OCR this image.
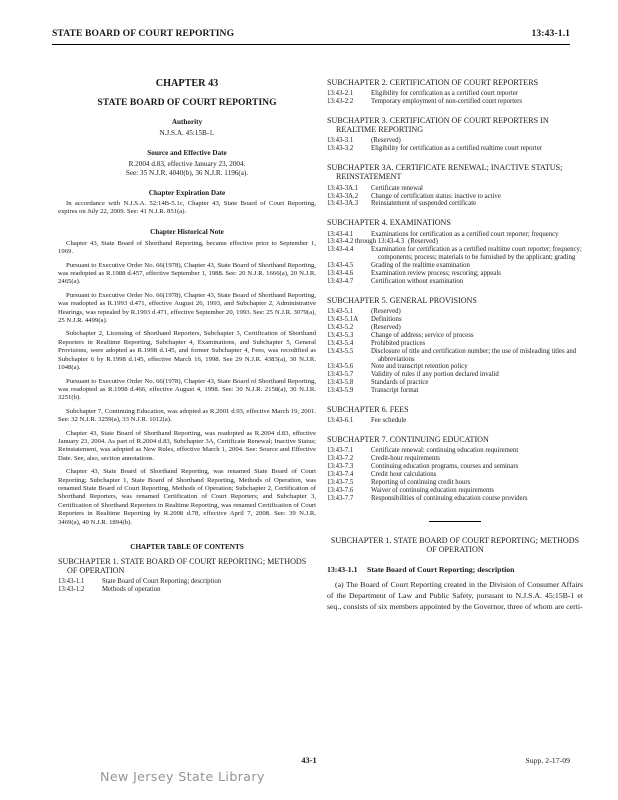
STATE BOARD OF COURT REPORTING	13:43-1.1
CHAPTER 43
STATE BOARD OF COURT REPORTING
Authority
N.J.S.A. 45:15B-1.
Source and Effective Date
R.2004 d.83, effective January 23, 2004.
See: 35 N.J.R. 4040(b), 36 N.J.R. 1196(a).
Chapter Expiration Date

In accordance with N.J.S.A. 52:14B-5.1c, Chapter 43, State Board of Court Reporting, expires on July 22, 2009. See: 41 N.J.R. 851(a).

Chapter Historical Note

Chapter 43, State Board of Shorthand Reporting, became effective prior to September 1, 1969.

Pursuant to Executive Order No. 66(1978), Chapter 43, State Board of Shorthand Reporting, was readopted as R.1988 d.457, effective September 1, 1988. See: 20 N.J.R. 1666(a), 20 N.J.R. 2465(a).

Pursuant to Executive Order No. 66(1978), Chapter 43, State Board of Shorthand Reporting, was readopted as R.1993 d.471, effective August 26, 1993, and Subchapter 2, Administrative Hearings, was repealed by R.1993 d.471, effective September 20, 1993. See: 25 N.J.R. 3079(a), 25 N.J.R. 4499(a).

Subchapter 2, Licensing of Shorthand Reporters, Subchapter 3, Certification of Shorthand Reporters in Realtime Reporting, Subchapter 4, Examinations, and Subchapter 5, General Provisions, were adopted as R.1998 d.145, and former Subchapter 4, Fees, was recodified as Subchapter 6 by R.1998 d.145, effective March 16, 1998. See 29 N.J.R. 4383(a), 30 N.J.R. 1048(a).

Pursuant to Executive Order No. 66(1978), Chapter 43, State Board of Shorthand Reporting, was readopted as R.1998 d.466, effective August 4, 1998. See: 30 N.J.R. 2158(a), 30 N.J.R. 3251(b).

Subchapter 7, Continuing Education, was adopted as R.2001 d.93, effective March 19, 2001. See: 32 N.J.R. 3259(a), 33 N.J.R. 1012(a).

Chapter 43, State Board of Shorthand Reporting, was readopted as R.2004 d.83, effective January 23, 2004. As part of R.2004 d.83, Subchapter 3A, Certificate Renewal; Inactive Status; Reinstatement, was adopted as New Rules, effective March 1, 2004. See: Source and Effective Date. See, also, section annotations.

Chapter 43, State Board of Shorthand Reporting, was renamed State Board of Court Reporting; Subchapter 1, State Board of Shorthand Reporting, Methods of Operation, was renamed State Board of Court Reporting, Methods of Operation; Subchapter 2, Certification of Shorthand Reporters, was renamed Certification of Court Reporters; and Subchapter 3, Certification of Shorthand Reporters in Realtime Reporting, was renamed Certification of Court Reporters in Realtime Reporting by R.2008 d.78, effective April 7, 2008. See: 39 N.J.R. 3469(a), 40 N.J.R. 1894(b).

CHAPTER TABLE OF CONTENTS
SUBCHAPTER 1. STATE BOARD OF COURT REPORTING; METHODS OF OPERATION
13:43-1.1	State Board of Court Reporting; description
13:43-1.2	Methods of operation
SUBCHAPTER 2. CERTIFICATION OF COURT REPORTERS
13:43-2.1	Eligibility for certification as a certified court reporter
13:43-2.2	Temporary employment of non-certified court reporters
SUBCHAPTER 3. CERTIFICATION OF COURT REPORTERS IN REALTIME REPORTING
13:43-3.1	(Reserved)
13:43-3.2	Eligibility for certification as a certified realtime court reporter
SUBCHAPTER 3A. CERTIFICATE RENEWAL; INACTIVE STATUS; REINSTATEMENT
13:43-3A.1	Certificate renewal
13:43-3A.2	Change of certification status: inactive to active
13:43-3A.3	Reinstatement of suspended certificate
SUBCHAPTER 4. EXAMINATIONS
13:43-4.1	Examinations for certification as a certified court reporter; frequency
13:43-4.2 through 13:43-4.3 (Reserved)
13:43-4.4	Examination for certification as a certified realtime court reporter; frequency; components; process; materials to be furnished by the applicant; grading
13:43-4.5	Grading of the realtime examination
13:43-4.6	Examination review process; rescoring; appeals
13:43-4.7	Certification without examination
SUBCHAPTER 5. GENERAL PROVISIONS
13:43-5.1	(Reserved)
13:43-5.1A	Definitions
13:43-5.2	(Reserved)
13:43-5.3	Change of address; service of process
13:43-5.4	Prohibited practices
13:43-5.5	Disclosure of title and certification number; the use of misleading titles and abbreviations
13:43-5.6	Note and transcript retention policy
13:43-5.7	Validity of rules if any portion declared invalid
13:43-5.8	Standards of practice
13:43-5.9	Transcript format
SUBCHAPTER 6. FEES
13:43-6.1	Fee schedule
SUBCHAPTER 7. CONTINUING EDUCATION
13:43-7.1	Certificate renewal: continuing education requirement
13:43-7.2	Credit-hour requirements
13:43-7.3	Continuing education programs, courses and seminars
13:43-7.4	Credit hour calculations
13:43-7.5	Reporting of continuing credit hours
13:43-7.6	Waiver of continuing education requirements
13:43-7.7	Responsibilities of continuing education course providers
SUBCHAPTER 1. STATE BOARD OF COURT REPORTING; METHODS OF OPERATION
13:43-1.1 State Board of Court Reporting; description

(a) The Board of Court Reporting created in the Division of Consumer Affairs of the Department of Law and Public Safety, pursuant to N.J.S.A. 45:15B-1 et seq., consists of six members appointed by the Governor, three of whom are certi-

43-1	Supp. 2-17-09
New Jersey State Library
